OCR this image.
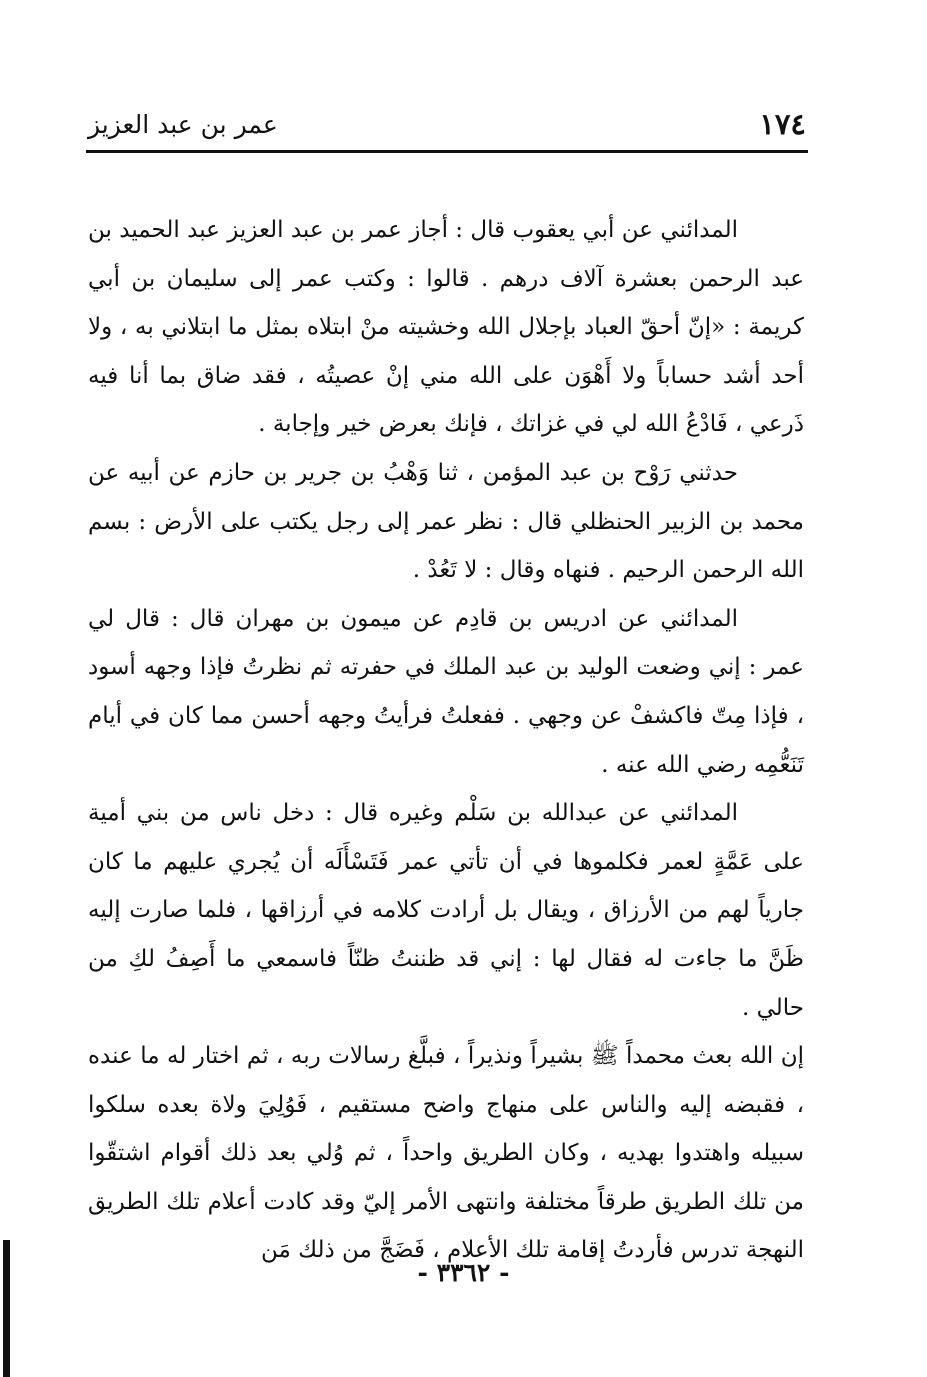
١٧٤
عمر بن عبد العزيز

المدائني عن أبي يعقوب قال : أجاز عمر بن عبد العزيز عبد الحميد بن عبد الرحمن بعشرة آلاف درهم . قالوا : وكتب عمر إلى سليمان بن أبي كريمة : «إنّ أحقّ العباد بإجلال الله وخشيته منْ ابتلاه بمثل ما ابتلاني به ، ولا أحد أشد حساباً ولا أَهْوَن على الله مني إنْ عصيتُه ، فقد ضاق بما أنا فيه ذَرعي ، فَادْعُ الله لي في غزاتك ، فإنك بعرض خير وإجابة .

حدثني رَوْح بن عبد المؤمن ، ثنا وَهْبُ بن جرير بن حازم عن أبيه عن محمد بن الزبير الحنظلي قال : نظر عمر إلى رجل يكتب على الأرض : بسم الله الرحمن الرحيم . فنهاه وقال : لا تَعُدْ .

المدائني عن ادريس بن قادِم عن ميمون بن مهران قال : قال لي عمر : إني وضعت الوليد بن عبد الملك في حفرته ثم نظرتُ فإذا وجهه أسود ، فإذا مِتّ فاكشفْ عن وجهي . ففعلتُ فرأيتُ وجهه أحسن مما كان في أيام تَنَعُّمِه رضي الله عنه .

المدائني عن عبدالله بن سَلْم وغيره قال : دخل ناس من بني أمية على عَمَّةٍ لعمر فكلموها في أن تأتي عمر فَتَسْأَلَه أن يُجري عليهم ما كان جارياً لهم من الأرزاق ، ويقال بل أرادت كلامه في أرزاقها ، فلما صارت إليه ظَنَّ ما جاءت له فقال لها : إني قد ظننتُ ظنّاً فاسمعي ما أَصِفُ لكِ من حالي .

إن الله بعث محمداً ﷺ بشيراً ونذيراً ، فبلَّغ رسالات ربه ، ثم اختار له ما عنده ، فقبضه إليه والناس على منهاج واضح مستقيم ، فَوُلِيَ ولاة بعده سلكوا سبيله واهتدوا بهديه ، وكان الطريق واحداً ، ثم وُلي بعد ذلك أقوام اشتقّوا من تلك الطريق طرقاً مختلفة وانتهى الأمر إليّ وقد كادت أعلام تلك الطريق النهجة تدرس فأردتُ إقامة تلك الأعلام ، فَضَجَّ من ذلك مَن

- ٣٣٦٢ -
